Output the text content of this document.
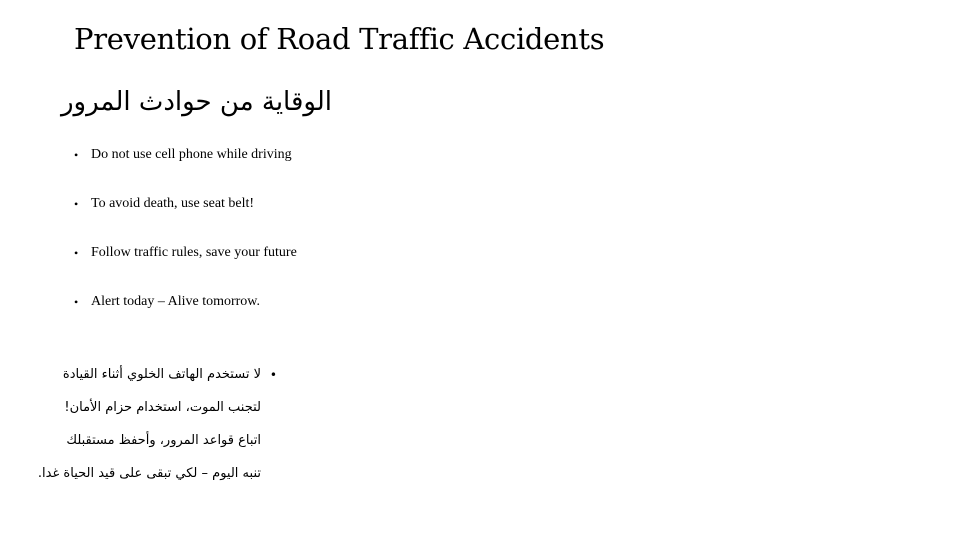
Prevention of Road Traffic Accidents
الوقاية من حوادث المرور
• Do not use cell phone while driving
• To avoid death, use seat belt!
• Follow traffic rules, save your future
• Alert today – Alive tomorrow.
•
لا تستخدم الهاتف الخلوي أثناء القيادة
لتجنب الموت، استخدام حزام الأمان!
اتباع قواعد المرور، وأحفظ مستقبلك
تنبه اليوم – لكي تبقى على قيد الحياة غدا.
